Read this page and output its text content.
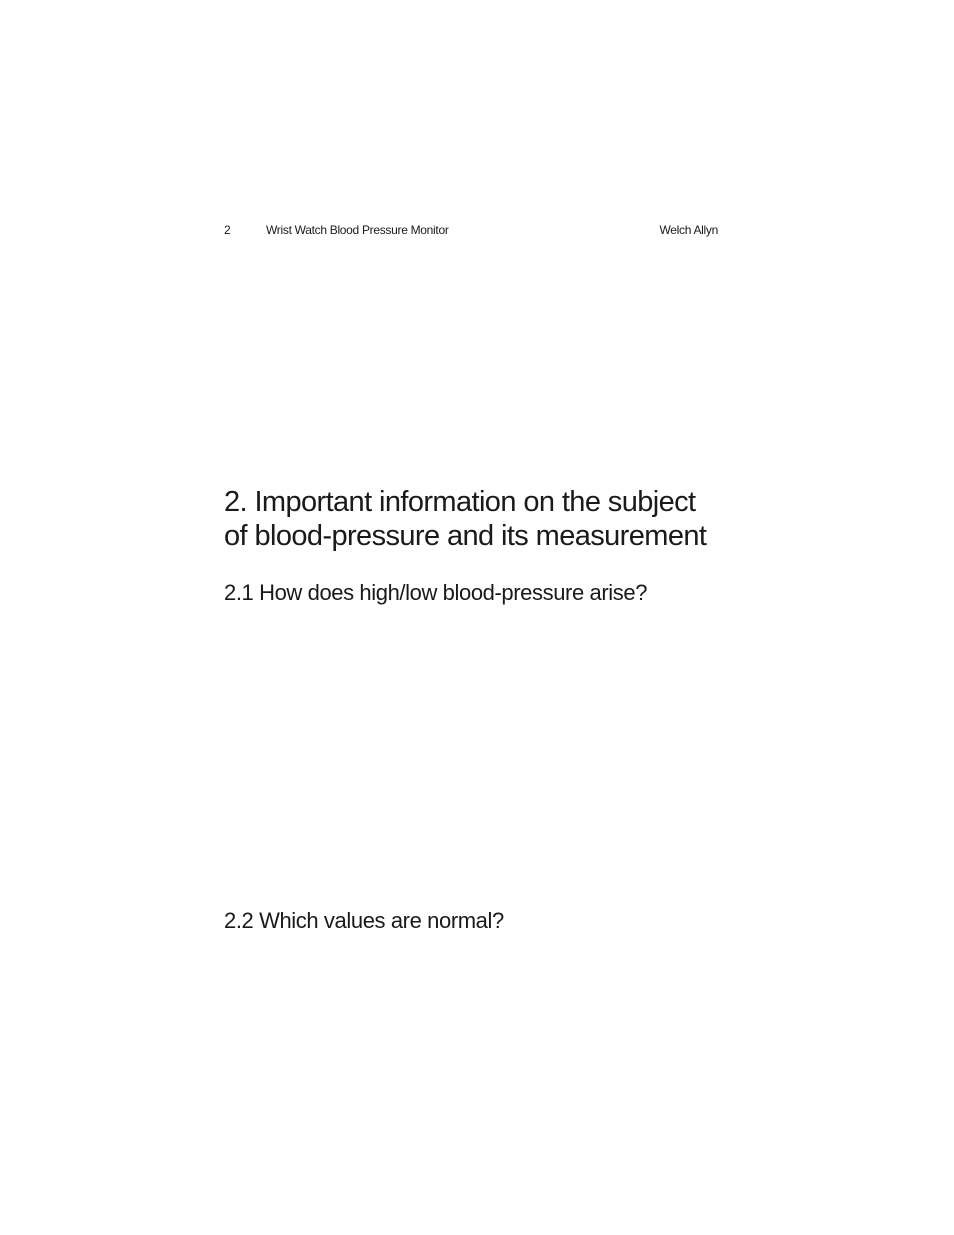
2	Wrist Watch Blood Pressure Monitor	Welch Allyn
2. Important information on the subject
of blood-pressure and its measurement
2.1 How does high/low blood-pressure arise?
2.2 Which values are normal?
